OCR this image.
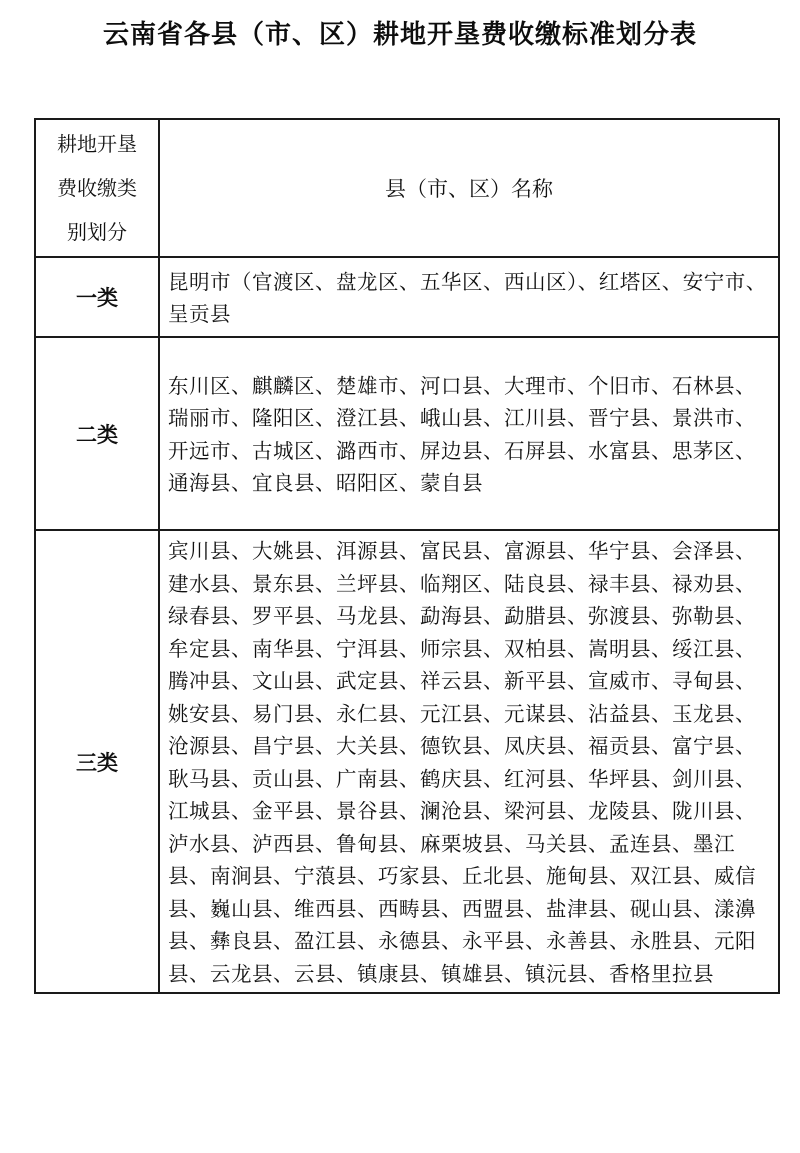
云南省各县（市、区）耕地开垦费收缴标准划分表
耕地开垦
费收缴类
别划分	县（市、区）名称
一类	昆明市（官渡区、盘龙区、五华区、西山区）、红塔区、安宁市、呈贡县
二类	东川区、麒麟区、楚雄市、河口县、大理市、个旧市、石林县、瑞丽市、隆阳区、澄江县、峨山县、江川县、晋宁县、景洪市、开远市、古城区、潞西市、屏边县、石屏县、水富县、思茅区、通海县、宜良县、昭阳区、蒙自县
三类	宾川县、大姚县、洱源县、富民县、富源县、华宁县、会泽县、建水县、景东县、兰坪县、临翔区、陆良县、禄丰县、禄劝县、绿春县、罗平县、马龙县、勐海县、勐腊县、弥渡县、弥勒县、牟定县、南华县、宁洱县、师宗县、双柏县、嵩明县、绥江县、腾冲县、文山县、武定县、祥云县、新平县、宣威市、寻甸县、姚安县、易门县、永仁县、元江县、元谋县、沾益县、玉龙县、沧源县、昌宁县、大关县、德钦县、凤庆县、福贡县、富宁县、耿马县、贡山县、广南县、鹤庆县、红河县、华坪县、剑川县、江城县、金平县、景谷县、澜沧县、梁河县、龙陵县、陇川县、泸水县、泸西县、鲁甸县、麻栗坡县、马关县、孟连县、墨江县、南涧县、宁蒗县、巧家县、丘北县、施甸县、双江县、威信县、巍山县、维西县、西畴县、西盟县、盐津县、砚山县、漾濞县、彝良县、盈江县、永德县、永平县、永善县、永胜县、元阳县、云龙县、云县、镇康县、镇雄县、镇沅县、香格里拉县
